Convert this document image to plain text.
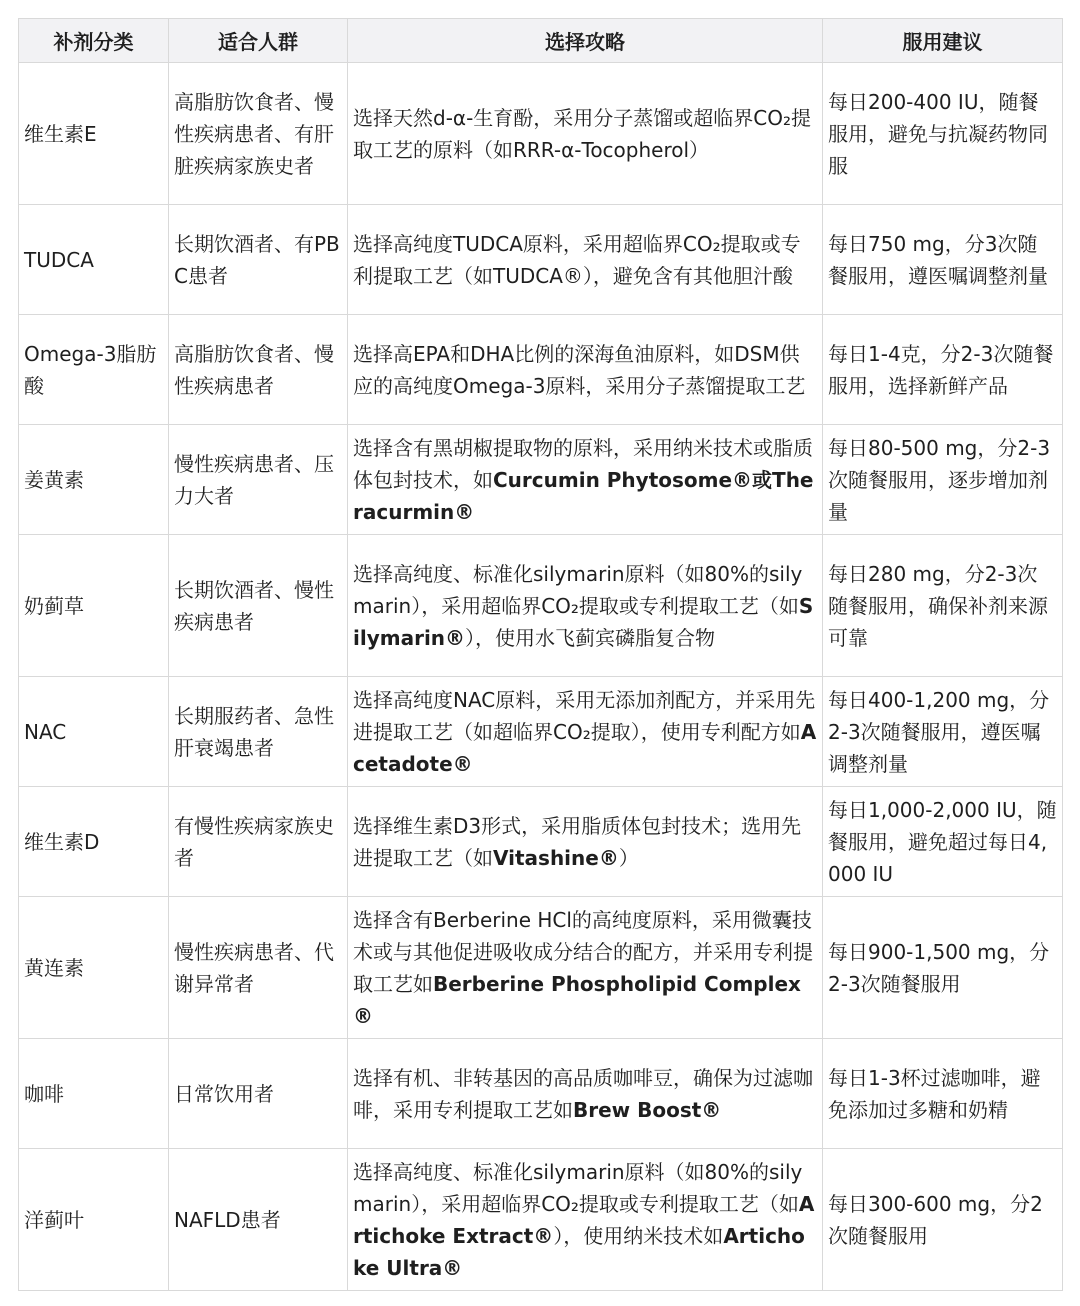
补剂分类	适合人群	选择攻略	服用建议
维生素E	高脂肪饮食者、慢性疾病患者、有肝脏疾病家族史者	选择天然d-α-生育酚，采用分子蒸馏或超临界CO₂提取工艺的原料（如RRR-α-Tocopherol）	每日200-400 IU，随餐服用，避免与抗凝药物同服
TUDCA	长期饮酒者、有PBC患者	选择高纯度TUDCA原料，采用超临界CO₂提取或专利提取工艺（如TUDCA®），避免含有其他胆汁酸	每日750 mg，分3次随餐服用，遵医嘱调整剂量
Omega-3脂肪酸	高脂肪饮食者、慢性疾病患者	选择高EPA和DHA比例的深海鱼油原料，如DSM供应的高纯度Omega-3原料，采用分子蒸馏提取工艺	每日1-4克，分2-3次随餐服用，选择新鲜产品
姜黄素	慢性疾病患者、压力大者	选择含有黑胡椒提取物的原料，采用纳米技术或脂质体包封技术，如Curcumin Phytosome®或Theracurmin®	每日80-500 mg，分2-3次随餐服用，逐步增加剂量
奶蓟草	长期饮酒者、慢性疾病患者	选择高纯度、标准化silymarin原料（如80%的silymarin），采用超临界CO₂提取或专利提取工艺（如Silymarin®），使用水飞蓟宾磷脂复合物	每日280 mg，分2-3次随餐服用，确保补剂来源可靠
NAC	长期服药者、急性肝衰竭患者	选择高纯度NAC原料，采用无添加剂配方，并采用先进提取工艺（如超临界CO₂提取），使用专利配方如Acetadote®	每日400-1,200 mg，分2-3次随餐服用，遵医嘱调整剂量
维生素D	有慢性疾病家族史者	选择维生素D3形式，采用脂质体包封技术；选用先进提取工艺（如Vitashine®）	每日1,000-2,000 IU，随餐服用，避免超过每日4,000 IU
黄连素	慢性疾病患者、代谢异常者	选择含有Berberine HCl的高纯度原料，采用微囊技术或与其他促进吸收成分结合的配方，并采用专利提取工艺如Berberine Phospholipid Complex®	每日900-1,500 mg，分2-3次随餐服用
咖啡	日常饮用者	选择有机、非转基因的高品质咖啡豆，确保为过滤咖啡，采用专利提取工艺如Brew Boost®	每日1-3杯过滤咖啡，避免添加过多糖和奶精
洋蓟叶	NAFLD患者	选择高纯度、标准化silymarin原料（如80%的silymarin），采用超临界CO₂提取或专利提取工艺（如Artichoke Extract®），使用纳米技术如Artichoke Ultra®	每日300-600 mg，分2次随餐服用
